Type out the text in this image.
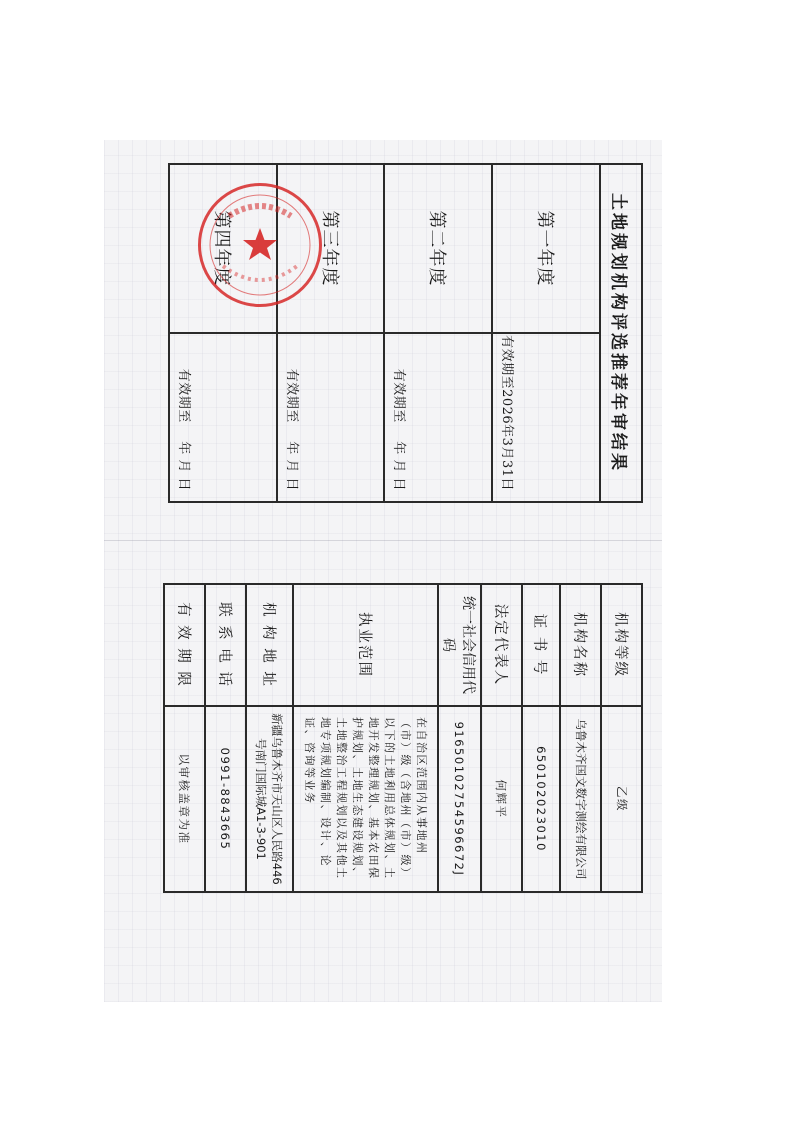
土地规划机构评选推荐年审结果	
第一年度	有效期至2026年3月31日

第二年度	有效期至    年 月 日

第三年度	有效期至    年 月 日

第四年度	有效期至    年 月 日
机构等级	乙级
机构名称	乌鲁木齐国文数字测绘有限公司
证 书 号	650102023010
法定代表人	何辉平
统一社会信用代码	91650102754596672J
执业范围	在自治区范围内从事地州（市）级（含地州（市）级）以下的土地利用总体规划、土地开发整理规划、基本农田保护规划、土地生态建设规划、土地整治工程规划以及其他土地专项规划编制、设计、论证、咨询等业务
机 构 地 址	新疆乌鲁木齐市天山区人民路446号南门国际城A1-3-901
联 系 电 话	0991-8843665
有 效 期 限	以审核盖章为准
